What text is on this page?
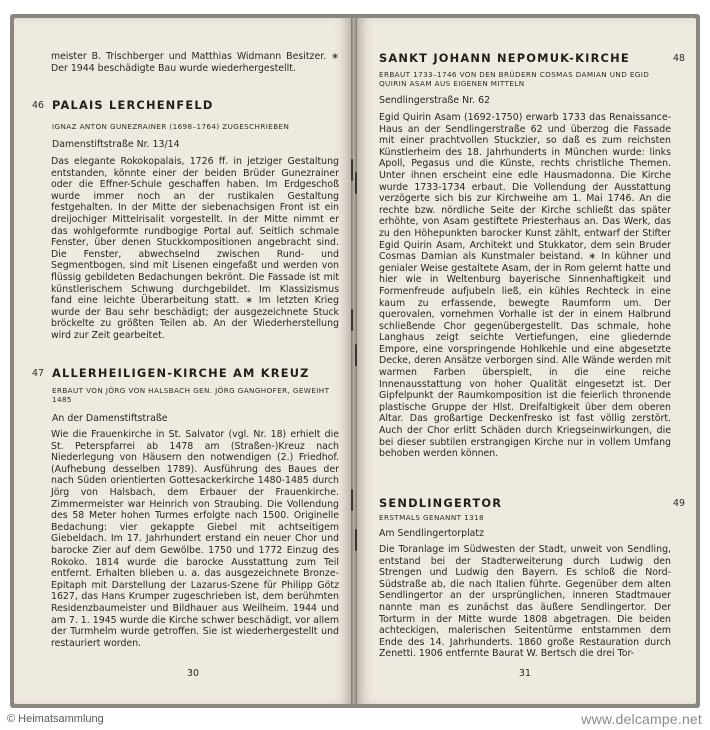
meister B. Trischberger und Matthias Widmann Besitzer. ∗ Der 1944 beschädigte Bau wurde wiederhergestellt.
46 PALAIS LERCHENFELD
IGNAZ ANTON GUNEZRAINER (1698–1764) ZUGESCHRIEBEN
Damenstiftstraße Nr. 13/14
Das elegante Rokokopalais, 1726 ff. in jetziger Gestaltung entstanden, könnte einer der beiden Brüder Gunezrainer oder die Effner-Schule geschaffen haben. Im Erdgeschoß wurde immer noch an der rustikalen Gestaltung festgehalten. In der Mitte der siebenachsigen Front ist ein dreijochiger Mittelrisalit vorgestellt. In der Mitte nimmt er das wohlgeformte rundbogige Portal auf. Seitlich schmale Fenster, über denen Stuckkompositionen angebracht sind. Die Fenster, abwechselnd zwischen Rund- und Segmentbogen, sind mit Lisenen eingefaßt und werden von flüssig gebildeten Bedachungen bekrönt. Die Fassade ist mit künstlerischem Schwung durchgebildet. Im Klassizismus fand eine leichte Überarbeitung statt. ∗ Im letzten Krieg wurde der Bau sehr beschädigt; der ausgezeichnete Stuck bröckelte zu größten Teilen ab. An der Wiederherstellung wird zur Zeit gearbeitet.
47 ALLERHEILIGEN-KIRCHE AM KREUZ
ERBAUT VON JÖRG VON HALSBACH GEN. JÖRG GANGHOFER, GEWEIHT 1485
An der Damenstiftstraße
Wie die Frauenkirche in St. Salvator (vgl. Nr. 18) erhielt die St. Peterspfarrei ab 1478 am (Straßen-)Kreuz nach Niederlegung von Häusern den notwendigen (2.) Friedhof. (Aufhebung desselben 1789). Ausführung des Baues der nach Süden orientierten Gottesackerkirche 1480-1485 durch Jörg von Halsbach, dem Erbauer der Frauenkirche. Zimmermeister war Heinrich von Straubing. Die Vollendung des 58 Meter hohen Turmes erfolgte nach 1500. Originelle Bedachung: vier gekappte Giebel mit achtseitigem Giebeldach. Im 17. Jahrhundert erstand ein neuer Chor und barocke Zier auf dem Gewölbe. 1750 und 1772 Einzug des Rokoko. 1814 wurde die barocke Ausstattung zum Teil entfernt. Erhalten blieben u. a. das ausgezeichnete Bronze-Epitaph mit Darstellung der Lazarus-Szene für Philipp Götz 1627, das Hans Krumper zugeschrieben ist, dem berühmten Residenzbaumeister und Bildhauer aus Weilheim. 1944 und am 7. 1. 1945 wurde die Kirche schwer beschädigt, vor allem der Turmhelm wurde getroffen. Sie ist wiederhergestellt und restauriert worden.
30
SANKT JOHANN NEPOMUK-KIRCHE	48
ERBAUT 1733–1746 VON DEN BRÜDERN COSMAS DAMIAN UND EGID QUIRIN ASAM AUS EIGENEN MITTELN
Sendlingerstraße Nr. 62
Egid Quirin Asam (1692-1750) erwarb 1733 das Renaissance-Haus an der Sendlingerstraße 62 und überzog die Fassade mit einer prachtvollen Stuckzier, so daß es zum reichsten Künstlerheim des 18. Jahrhunderts in München wurde: links Apoll, Pegasus und die Künste, rechts christliche Themen. Unter ihnen erscheint eine edle Hausmadonna. Die Kirche wurde 1733-1734 erbaut. Die Vollendung der Ausstattung verzögerte sich bis zur Kirchweihe am 1. Mai 1746. An die rechte bzw. nördliche Seite der Kirche schließt das später erhöhte, von Asam gestiftete Priesterhaus an. Das Werk, das zu den Höhepunkten barocker Kunst zählt, entwarf der Stifter Egid Quirin Asam, Architekt und Stukkator, dem sein Bruder Cosmas Damian als Kunstmaler beistand. ∗ In kühner und genialer Weise gestaltete Asam, der in Rom gelernt hatte und hier wie in Weltenburg bayerische Sinnenhaftigkeit und Formenfreude aufjubeln ließ, ein kühles Rechteck in eine kaum zu erfassende, bewegte Raumform um. Der querovalen, vornehmen Vorhalle ist der in einem Halbrund schließende Chor gegenübergestellt. Das schmale, hohe Langhaus zeigt seichte Vertiefungen, eine gliedernde Empore, eine vorspringende Hohlkehle und eine abgesetzte Decke, deren Ansätze verborgen sind. Alle Wände werden mit warmen Farben überspielt, in die eine reiche Innenausstattung von hoher Qualität eingesetzt ist. Der Gipfelpunkt der Raumkomposition ist die feierlich thronende plastische Gruppe der Hlst. Dreifaltigkeit über dem oberen Altar. Das großartige Deckenfresko ist fast völlig zerstört. Auch der Chor erlitt Schäden durch Kriegseinwirkungen, die bei dieser subtilen erstrangigen Kirche nur in vollem Umfang behoben werden können.
SENDLINGERTOR	49
ERSTMALS GENANNT 1318
Am Sendlingertorplatz
Die Toranlage im Südwesten der Stadt, unweit von Sendling, entstand bei der Stadterweiterung durch Ludwig den Strengen und Ludwig den Bayern. Es schloß die Nord-Südstraße ab, die nach Italien führte. Gegenüber dem alten Sendlingertor an der ursprünglichen, inneren Stadtmauer nannte man es zunächst das äußere Sendlingertor. Der Torturm in der Mitte wurde 1808 abgetragen. Die beiden achteckigen, malerischen Seitentürme entstammen dem Ende des 14. Jahrhunderts. 1860 große Restauration durch Zenetti. 1906 entfernte Baurat W. Bertsch die drei Tor-
31
© Heimatsammlung	www.delcampe.net
